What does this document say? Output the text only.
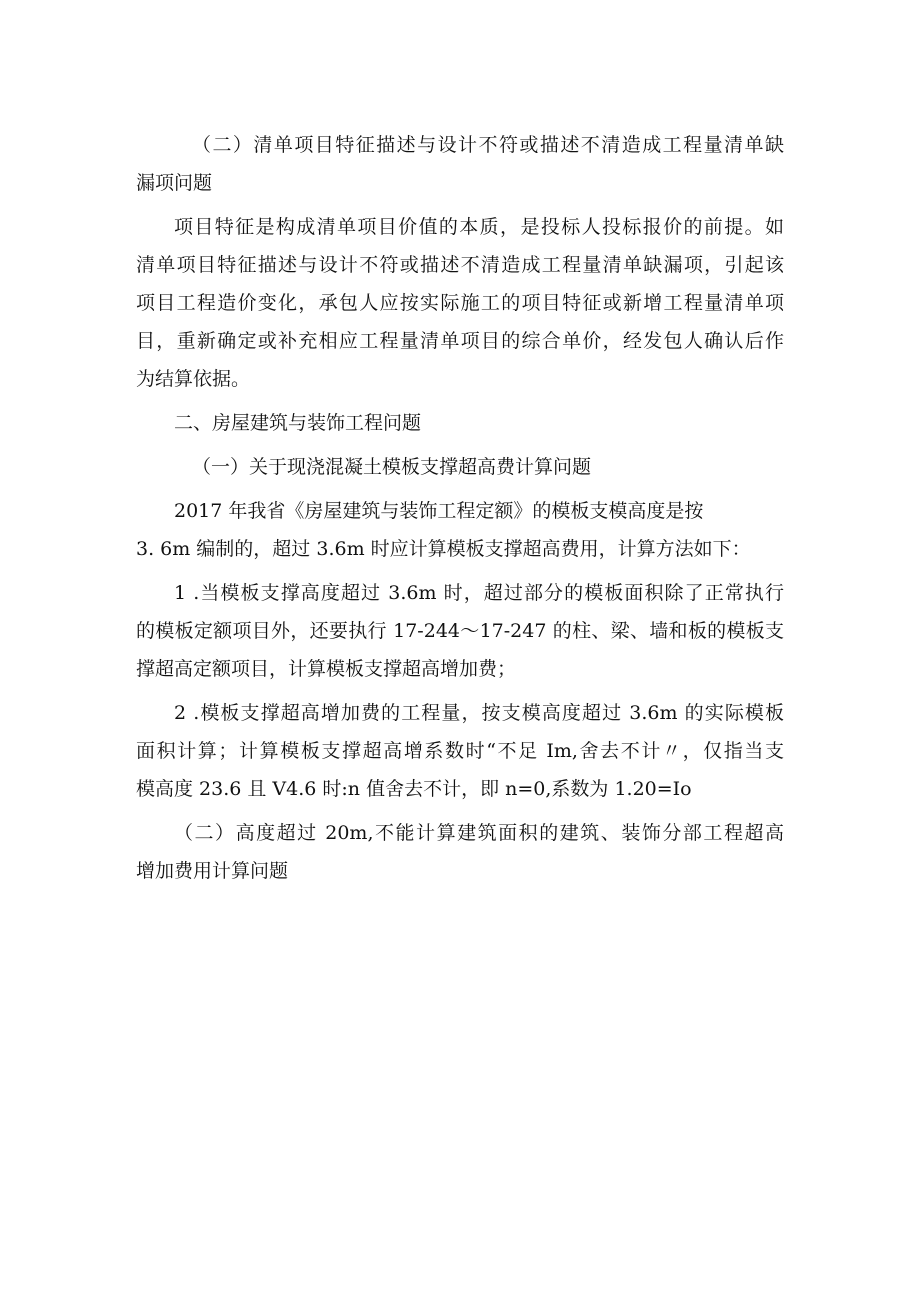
（二）清单项目特征描述与设计不符或描述不清造成工程量清单缺
漏项问题
项目特征是构成清单项目价值的本质，是投标人投标报价的前提。如
清单项目特征描述与设计不符或描述不清造成工程量清单缺漏项，引起该
项目工程造价变化，承包人应按实际施工的项目特征或新增工程量清单项
目，重新确定或补充相应工程量清单项目的综合单价，经发包人确认后作
为结算依据。
二、房屋建筑与装饰工程问题
（一）关于现浇混凝土模板支撑超高费计算问题
2017 年我省《房屋建筑与装饰工程定额》的模板支模高度是按
3. 6m 编制的，超过 3.6m 时应计算模板支撑超高费用，计算方法如下：
1 .当模板支撑高度超过 3.6m 时，超过部分的模板面积除了正常执行
的模板定额项目外，还要执行 17-244～17-247 的柱、梁、墙和板的模板支
撑超高定额项目，计算模板支撑超高增加费；
2 .模板支撑超高增加费的工程量，按支模高度超过 3.6m 的实际模板
面积计算；计算模板支撑超高增系数时“不足 Im,舍去不计〃，仅指当支
模高度 23.6 且 V4.6 时:n 值舍去不计，即 n=0,系数为 1.20=Io
（二）高度超过 20m,不能计算建筑面积的建筑、装饰分部工程超高
增加费用计算问题
